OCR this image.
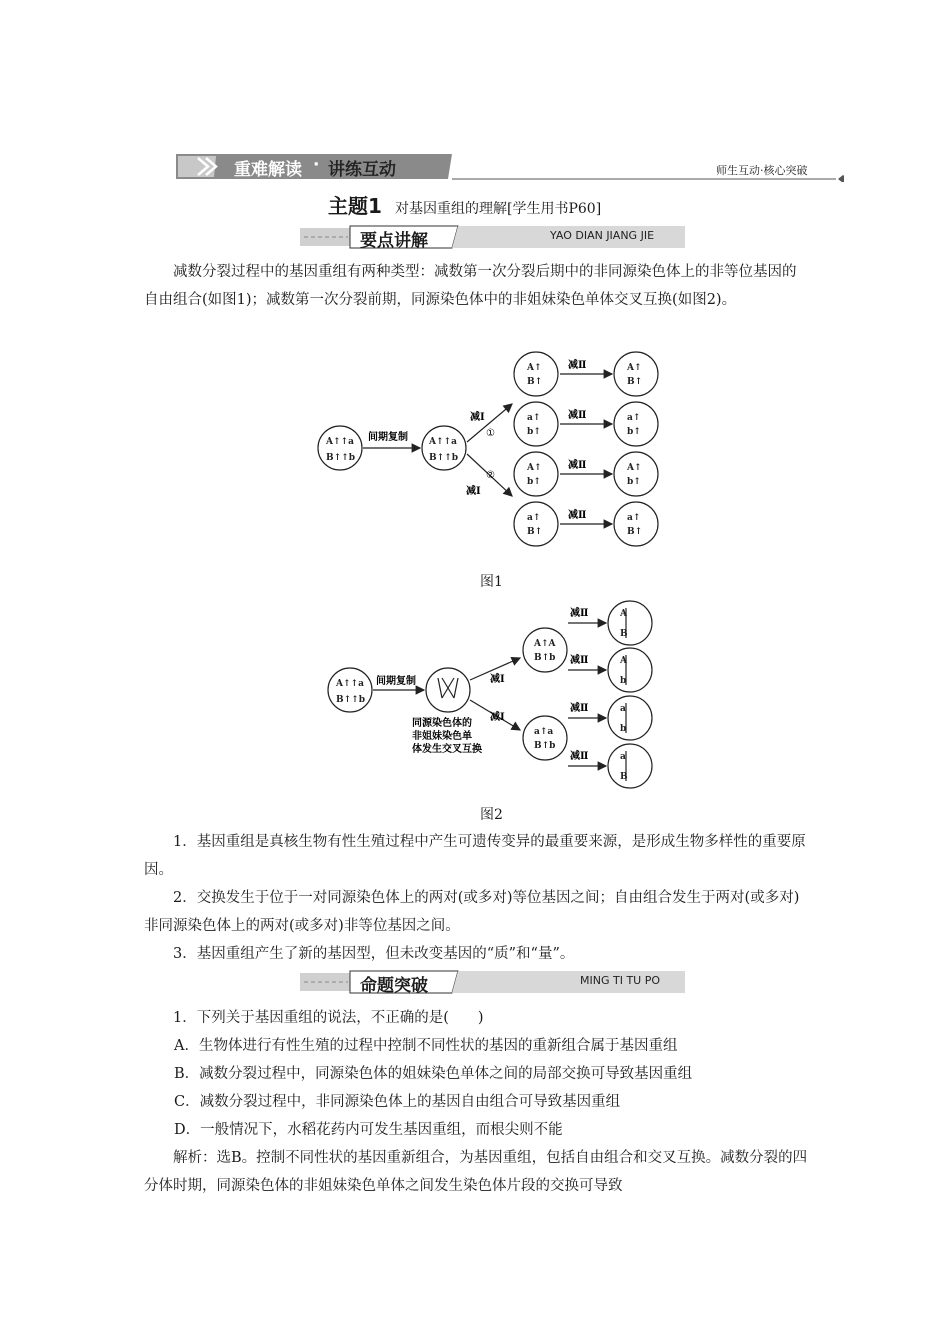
重难解读 · 讲练互动	师生互动·核心突破
主题1 对基因重组的理解[学生用书P60]
要点讲解	YAO DIAN JIANG JIE

减数分裂过程中的基因重组有两种类型：减数第一次分裂后期中的非同源染色体上的非等位基因的自由组合(如图1)；减数第一次分裂前期，同源染色体中的非姐妹染色单体交叉互换(如图2)。

A↑↑a
B↑↑b
A↑↑a
B↑↑b
A↑
B↑
a↑
b↑
A↑
b↑
a↑
B↑
A↑
B↑
a↑
b↑
A↑
b↑
a↑
B↑
间期复制
减Ⅰ
①
②
减Ⅰ
减Ⅱ
减Ⅱ
减Ⅱ
减Ⅱ
图1
A↑↑a
B↑↑b
A↑A
B↑b
a↑a
B↑b
A
B
A
b
a
b
a
B
间期复制	减Ⅰ
减Ⅰ
减Ⅱ
减Ⅱ
减Ⅱ
减Ⅱ
同源染色体的
非姐妹染色单
体发生交叉互换
图2

1．基因重组是真核生物有性生殖过程中产生可遗传变异的最重要来源，是形成生物多样性的重要原因。

2．交换发生于位于一对同源染色体上的两对(或多对)等位基因之间；自由组合发生于两对(或多对)非同源染色体上的两对(或多对)非等位基因之间。

3．基因重组产生了新的基因型，但未改变基因的“质”和“量”。

命题突破	MING TI TU PO

1．下列关于基因重组的说法，不正确的是(　　)

A．生物体进行有性生殖的过程中控制不同性状的基因的重新组合属于基因重组
B．减数分裂过程中，同源染色体的姐妹染色单体之间的局部交换可导致基因重组
C．减数分裂过程中，非同源染色体上的基因自由组合可导致基因重组
D．一般情况下，水稻花药内可发生基因重组，而根尖则不能

解析：选B。控制不同性状的基因重新组合，为基因重组，包括自由组合和交叉互换。减数分裂的四分体时期，同源染色体的非姐妹染色单体之间发生染色体片段的交换可导致
